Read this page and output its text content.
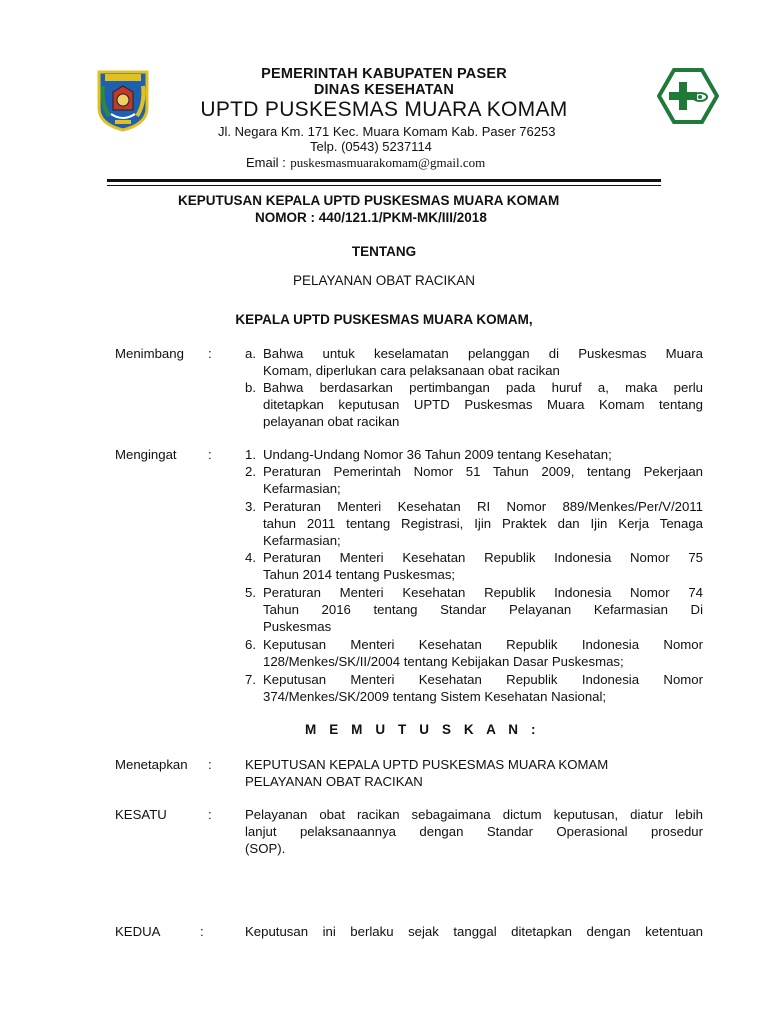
PEMERINTAH KABUPATEN PASER
DINAS KESEHATAN
UPTD PUSKESMAS MUARA KOMAM
Jl. Negara Km. 171 Kec. Muara Komam Kab. Paser 76253
Telp. (0543) 5237114
Email : puskesmasmuarakomam@gmail.com
KEPUTUSAN KEPALA UPTD PUSKESMAS MUARA KOMAM
NOMOR : 440/121.1/PKM-MK/III/2018
TENTANG
PELAYANAN OBAT RACIKAN
KEPALA UPTD PUSKESMAS MUARA KOMAM,
Menimbang :	a. Bahwa untuk keselamatan pelanggan di Puskesmas Muara
Komam, diperlukan cara pelaksanaan obat racikan
b. Bahwa berdasarkan pertimbangan pada huruf a, maka perlu
ditetapkan keputusan UPTD Puskesmas Muara Komam tentang
pelayanan obat racikan
Mengingat :	1. Undang-Undang Nomor 36 Tahun 2009 tentang Kesehatan;
2. Peraturan Pemerintah Nomor 51 Tahun 2009, tentang Pekerjaan
Kefarmasian;
3. Peraturan Menteri Kesehatan RI Nomor 889/Menkes/Per/V/2011
tahun 2011 tentang Registrasi, Ijin Praktek dan Ijin Kerja Tenaga
Kefarmasian;
4. Peraturan Menteri Kesehatan Republik Indonesia Nomor 75
Tahun 2014 tentang Puskesmas;
5. Peraturan Menteri Kesehatan Republik Indonesia Nomor 74
Tahun 2016 tentang Standar Pelayanan Kefarmasian Di
Puskesmas
6. Keputusan Menteri Kesehatan Republik Indonesia Nomor
128/Menkes/SK/II/2004 tentang Kebijakan Dasar Puskesmas;
7. Keputusan Menteri Kesehatan Republik Indonesia Nomor
374/Menkes/SK/2009 tentang Sistem Kesehatan Nasional;
M E M U T U S K A N :
Menetapkan :	KEPUTUSAN KEPALA UPTD PUSKESMAS MUARA KOMAM
PELAYANAN OBAT RACIKAN
KESATU	:	Pelayanan obat racikan sebagaimana dictum keputusan, diatur lebih
lanjut pelaksanaannya dengan Standar Operasional prosedur
(SOP).
KEDUA	:	Keputusan ini berlaku sejak tanggal ditetapkan dengan ketentuan
